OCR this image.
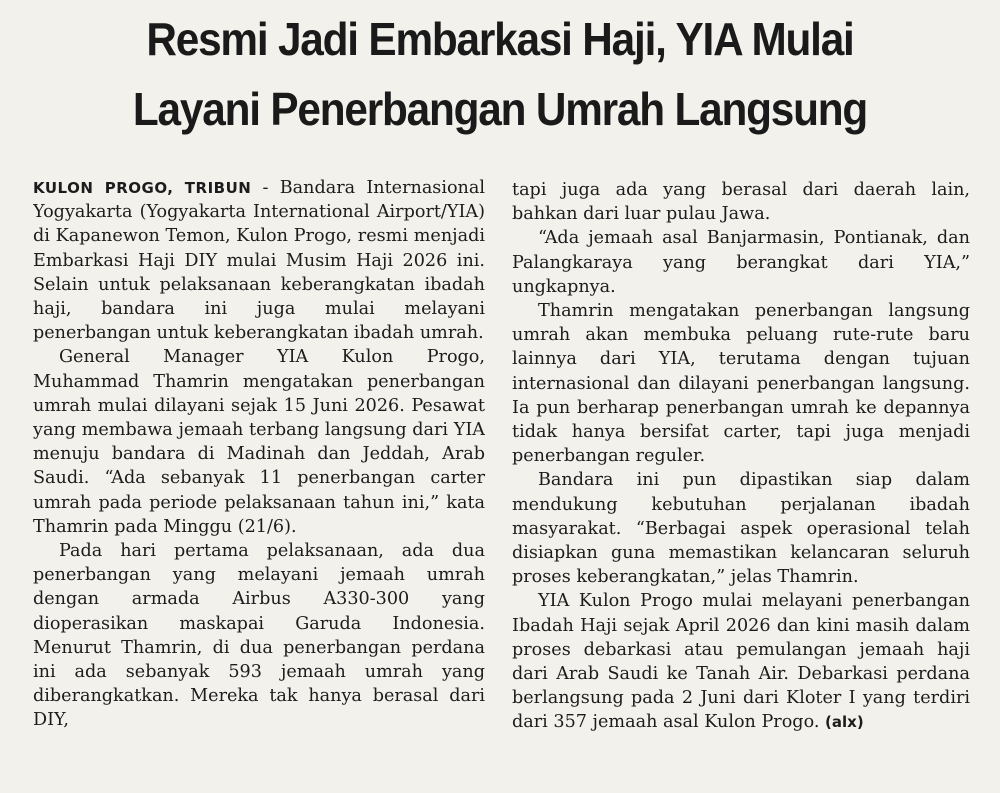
Resmi Jadi Embarkasi Haji, YIA Mulai
Layani Penerbangan Umrah Langsung

KULON PROGO, TRIBUN - Bandara Internasional Yogyakarta (Yogyakarta International Airport/YIA) di Kapanewon Temon, Kulon Progo, resmi menjadi Embarkasi Haji DIY mulai Musim Haji 2026 ini. Selain untuk pelaksanaan keberangkatan ibadah haji, bandara ini juga mulai melayani penerbangan untuk keberangkatan ibadah umrah.

General Manager YIA Kulon Progo, Muhammad Thamrin mengatakan penerbangan umrah mulai dilayani sejak 15 Juni 2026. Pesawat yang membawa jemaah terbang langsung dari YIA menuju bandara di Madinah dan Jeddah, Arab Saudi. “Ada sebanyak 11 penerbangan carter umrah pada periode pelaksanaan tahun ini,” kata Thamrin pada Minggu (21/6).

Pada hari pertama pelaksanaan, ada dua penerbangan yang melayani jemaah umrah dengan armada Airbus A330-300 yang dioperasikan maskapai Garuda Indonesia. Menurut Thamrin, di dua penerbangan perdana ini ada sebanyak 593 jemaah umrah yang diberangkatkan. Mereka tak hanya berasal dari DIY,

tapi juga ada yang berasal dari daerah lain, bahkan dari luar pulau Jawa.

“Ada jemaah asal Banjarmasin, Pontianak, dan Palangkaraya yang berangkat dari YIA,” ungkapnya.

Thamrin mengatakan penerbangan langsung umrah akan membuka peluang rute-rute baru lainnya dari YIA, terutama dengan tujuan internasional dan dilayani penerbangan langsung. Ia pun berharap penerbangan umrah ke depannya tidak hanya bersifat carter, tapi juga menjadi penerbangan reguler.

Bandara ini pun dipastikan siap dalam mendukung kebutuhan perjalanan ibadah masyarakat. “Berbagai aspek operasional telah disiapkan guna memastikan kelancaran seluruh proses keberangkatan,” jelas Thamrin.

YIA Kulon Progo mulai melayani penerbangan Ibadah Haji sejak April 2026 dan kini masih dalam proses debarkasi atau pemulangan jemaah haji dari Arab Saudi ke Tanah Air. Debarkasi perdana berlangsung pada 2 Juni dari Kloter I yang terdiri dari 357 jemaah asal Kulon Progo. (alx)
